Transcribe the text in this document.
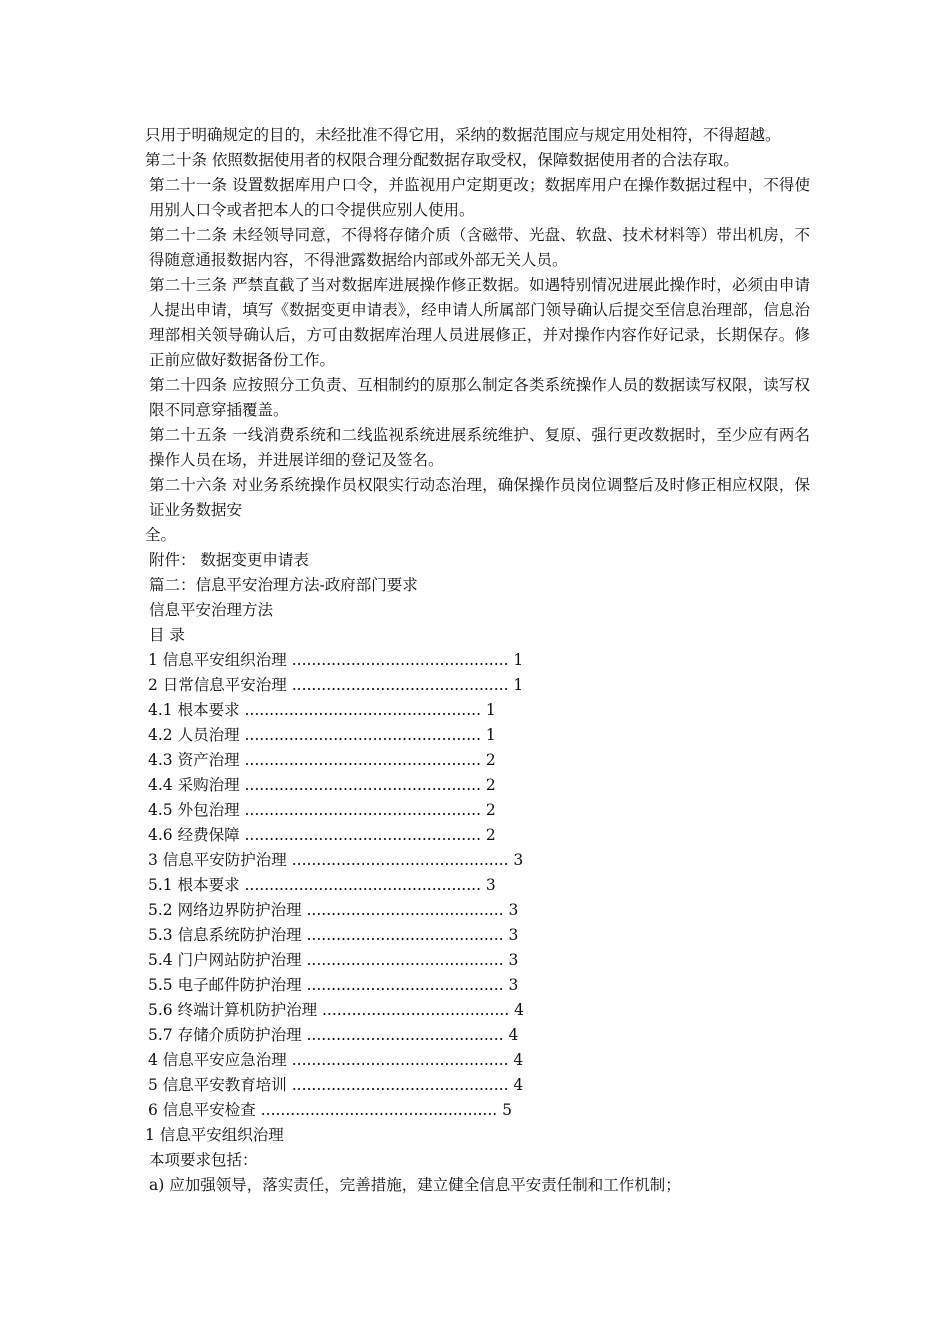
只用于明确规定的目的，未经批准不得它用，采纳的数据范围应与规定用处相符，不得超越。

第二十条 依照数据使用者的权限合理分配数据存取受权，保障数据使用者的合法存取。

第二十一条 设置数据库用户口令，并监视用户定期更改；数据库用户在操作数据过程中，不得使用别人口令或者把本人的口令提供应别人使用。

第二十二条 未经领导同意，不得将存储介质（含磁带、光盘、软盘、技术材料等）带出机房，不得随意通报数据内容，不得泄露数据给内部或外部无关人员。

第二十三条 严禁直截了当对数据库进展操作修正数据。如遇特别情况进展此操作时，必须由申请人提出申请，填写《数据变更申请表》，经申请人所属部门领导确认后提交至信息治理部，信息治理部相关领导确认后，方可由数据库治理人员进展修正，并对操作内容作好记录，长期保存。修正前应做好数据备份工作。

第二十四条 应按照分工负责、互相制约的原那么制定各类系统操作人员的数据读写权限，读写权限不同意穿插覆盖。

第二十五条 一线消费系统和二线监视系统进展系统维护、复原、强行更改数据时，至少应有两名操作人员在场，并进展详细的登记及签名。

第二十六条 对业务系统操作员权限实行动态治理，确保操作员岗位调整后及时修正相应权限，保证业务数据安

全。

附件： 数据变更申请表

篇二：信息平安治理方法-政府部门要求

信息平安治理方法

目 录

1 信息平安组织治理 ............................................ 1

2 日常信息平安治理 ............................................ 1

4.1 根本要求 ................................................ 1

4.2 人员治理 ................................................ 1

4.3 资产治理 ................................................ 2

4.4 采购治理 ................................................ 2

4.5 外包治理 ................................................ 2

4.6 经费保障 ................................................ 2

3 信息平安防护治理 ............................................ 3

5.1 根本要求 ................................................ 3

5.2 网络边界防护治理 ........................................ 3

5.3 信息系统防护治理 ........................................ 3

5.4 门户网站防护治理 ........................................ 3

5.5 电子邮件防护治理 ........................................ 3

5.6 终端计算机防护治理 ...................................... 4

5.7 存储介质防护治理 ........................................ 4

4 信息平安应急治理 ............................................ 4

5 信息平安教育培训 ............................................ 4

6 信息平安检查 ................................................ 5

1 信息平安组织治理

本项要求包括：

a) 应加强领导，落实责任，完善措施，建立健全信息平安责任制和工作机制；
